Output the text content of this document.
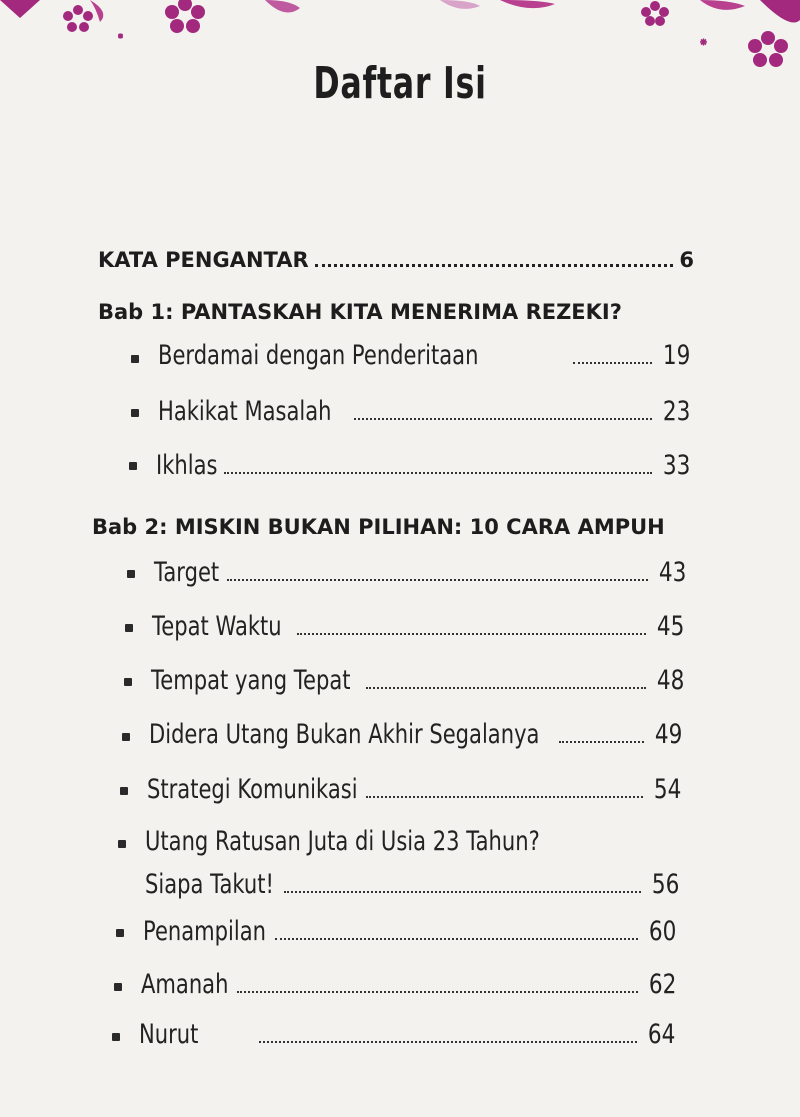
Daftar Isi
KATA PENGANTAR	6
Bab 1: PANTASKAH KITA MENERIMA REZEKI?
Berdamai dengan Penderitaan	19
Hakikat Masalah	23
Ikhlas	33
Bab 2: MISKIN BUKAN PILIHAN: 10 CARA AMPUH
Target	43
Tepat Waktu	45
Tempat yang Tepat	48
Didera Utang Bukan Akhir Segalanya	49
Strategi Komunikasi	54
Utang Ratusan Juta di Usia 23 Tahun?
Siapa Takut!	56
Penampilan	60
Amanah	62
Nurut	64
